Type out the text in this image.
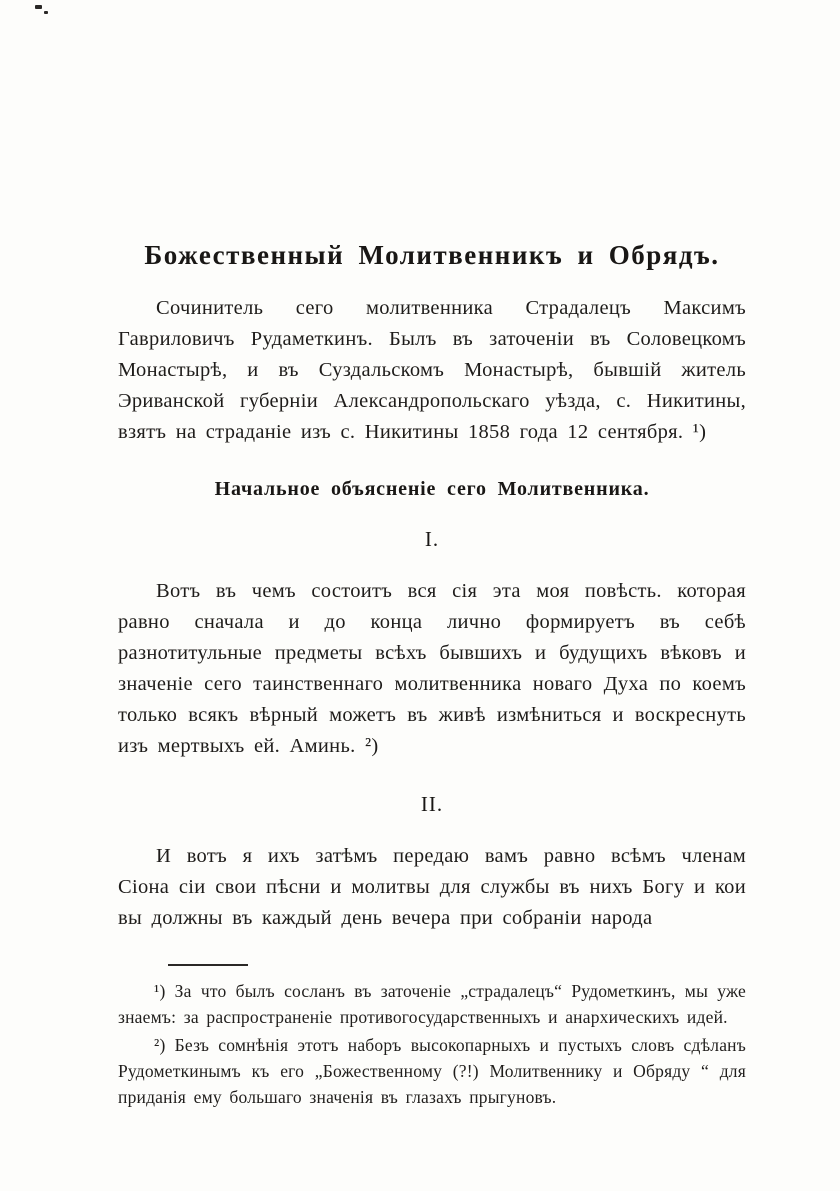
Божественный Молитвенникъ и Обрядъ.

Сочинитель сего молитвенника Страдалецъ Максимъ Гавриловичъ Рудаметкинъ. Былъ въ заточеніи въ Соловецкомъ Монастырѣ, и въ Суздальскомъ Монастырѣ, бывшій житель Эриванской губерніи Александропольскаго уѣзда, с. Никитины, взятъ на страданіе изъ с. Никитины 1858 года 12 сентября. ¹)

Начальное объясненіе сего Молитвенника.
I.

Вотъ въ чемъ состоитъ вся сія эта моя повѣсть. которая равно сначала и до конца лично формируетъ въ себѣ разнотитульные предметы всѣхъ бывшихъ и будущихъ вѣковъ и значеніе сего таинственнаго молитвенника новаго Духа по коемъ только всякъ вѣрный можетъ въ живѣ измѣниться и воскреснуть изъ мертвыхъ ей. Аминь. ²)

II.

И вотъ я ихъ затѣмъ передаю вамъ равно всѣмъ членам Сіона сіи свои пѣсни и молитвы для службы въ нихъ Богу и кои вы должны въ каждый день вечера при собраніи народа

¹) За что былъ сосланъ въ заточеніе „страдалецъ“ Рудометкинъ, мы уже знаемъ: за распространеніе противогосударственныхъ и анархическихъ идей.

²) Безъ сомнѣнія этотъ наборъ высокопарныхъ и пустыхъ словъ сдѣланъ Рудометкинымъ къ его „Божественному (?!) Молитвеннику и Обряду “ для приданія ему большаго значенія въ глазахъ прыгуновъ.
